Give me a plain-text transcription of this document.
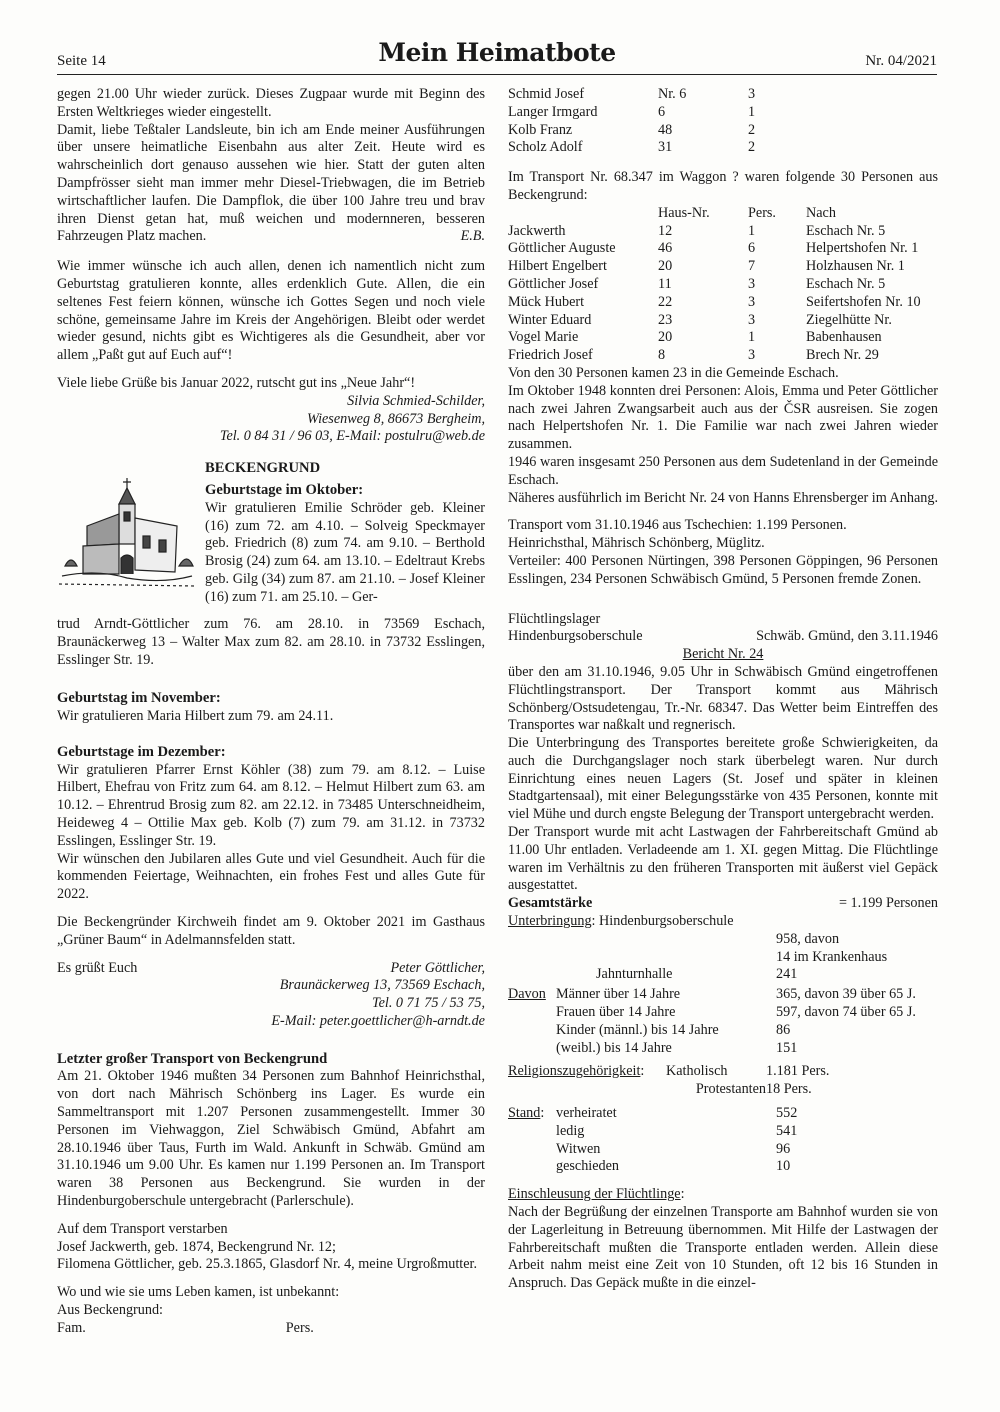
Seite 14	Mein Heimatbote	Nr. 04/2021

gegen 21.00 Uhr wieder zurück. Dieses Zugpaar wurde mit Beginn des Ersten Weltkrieges wieder eingestellt.

Damit, liebe Teßtaler Landsleute, bin ich am Ende meiner Ausführungen über unsere heimatliche Eisenbahn aus alter Zeit. Heute wird es wahrscheinlich dort genauso aussehen wie hier. Statt der guten alten Dampfrösser sieht man immer mehr Diesel-Triebwagen, die im Betrieb wirtschaftlicher laufen. Die Dampflok, die über 100 Jahre treu und brav ihren Dienst getan hat, muß weichen und modernneren, besseren Fahrzeugen Platz machen.	E.B.

Wie immer wünsche ich auch allen, denen ich namentlich nicht zum Geburtstag gratulieren konnte, alles erdenklich Gute. Allen, die ein seltenes Fest feiern können, wünsche ich Gottes Segen und noch viele schöne, gemeinsame Jahre im Kreis der Angehörigen. Bleibt oder werdet wieder gesund, nichts gibt es Wichtigeres als die Gesundheit, aber vor allem „Paßt gut auf Euch auf“!

Viele liebe Grüße bis Januar 2022, rutscht gut ins „Neue Jahr“!

Silvia Schmied-Schilder,

Wiesenweg 8, 86673 Bergheim,

Tel. 0 84 31 / 96 03, E-Mail: postulru@web.de

BECKENGRUND
Geburtstage im Oktober:

Wir gratulieren Emilie Schröder geb. Kleiner (16) zum 72. am 4.10. – Solveig Speckmayer geb. Friedrich (8) zum 74. am 9.10. – Berthold Brosig (24) zum 64. am 13.10. – Edeltraut Krebs geb. Gilg (34) zum 87. am 21.10. – Josef Kleiner (16) zum 71. am 25.10. – Ger-

trud Arndt-Göttlicher zum 76. am 28.10. in 73569 Eschach, Braunäckerweg 13 – Walter Max zum 82. am 28.10. in 73732 Esslingen, Esslinger Str. 19.

Geburtstag im November:

Wir gratulieren Maria Hilbert zum 79. am 24.11.

Geburtstage im Dezember:

Wir gratulieren Pfarrer Ernst Köhler (38) zum 79. am 8.12. – Luise Hilbert, Ehefrau von Fritz zum 64. am 8.12. – Helmut Hilbert zum 63. am 10.12. – Ehrentrud Brosig zum 82. am 22.12. in 73485 Unterschneidheim, Heideweg 4 – Ottilie Max geb. Kolb (7) zum 79. am 31.12. in 73732 Esslingen, Esslinger Str. 19.

Wir wünschen den Jubilaren alles Gute und viel Gesundheit. Auch für die kommenden Feiertage, Weihnachten, ein frohes Fest und alles Gute für 2022.

Die Beckengründer Kirchweih findet am 9. Oktober 2021 im Gasthaus „Grüner Baum“ in Adelmannsfelden statt.

Es grüßt Euch	Peter Göttlicher,
Braunäckerweg 13, 73569 Eschach,
Tel. 0 71 75 / 53 75,
E-Mail: peter.goettlicher@h-arndt.de
Letzter großer Transport von Beckengrund

Am 21. Oktober 1946 mußten 34 Personen zum Bahnhof Heinrichsthal, von dort nach Mährisch Schönberg ins Lager. Es wurde ein Sammeltransport mit 1.207 Personen zusammengestellt. Immer 30 Personen im Viehwaggon, Ziel Schwäbisch Gmünd, Abfahrt am 28.10.1946 über Taus, Furth im Wald. Ankunft in Schwäb. Gmünd am 31.10.1946 um 9.00 Uhr. Es kamen nur 1.199 Personen an. Im Transport waren 38 Personen aus Beckengrund. Sie wurden in der Hindenburgoberschule untergebracht (Parlerschule).

Auf dem Transport verstarben

Josef Jackwerth, geb. 1874, Beckengrund Nr. 12;

Filomena Göttlicher, geb. 25.3.1865, Glasdorf Nr. 4, meine Urgroßmutter.

Wo und wie sie ums Leben kamen, ist unbekannt:

Aus Beckengrund:

Fam.	Pers.

Schmid Josef	Nr. 6	3
Langer Irmgard	6	1
Kolb Franz	48	2
Scholz Adolf	31	2

Im Transport Nr. 68.347 im Waggon ? waren folgende 30 Personen aus Beckengrund:

	Haus-Nr.	Pers.	Nach
Jackwerth	12	1	Eschach Nr. 5
Göttlicher Auguste	46	6	Helpertshofen Nr. 1
Hilbert Engelbert	20	7	Holzhausen Nr. 1
Göttlicher Josef	11	3	Eschach Nr. 5
Mück Hubert	22	3	Seifertshofen Nr. 10
Winter Eduard	23	3	Ziegelhütte Nr.
Vogel Marie	20	1	Babenhausen
Friedrich Josef	8	3	Brech Nr. 29

Von den 30 Personen kamen 23 in die Gemeinde Eschach.

Im Oktober 1948 konnten drei Personen: Alois, Emma und Peter Göttlicher nach zwei Jahren Zwangsarbeit auch aus der ČSR ausreisen. Sie zogen nach Helpertshofen Nr. 1. Die Familie war nach zwei Jahren wieder zusammen.

1946 waren insgesamt 250 Personen aus dem Sudetenland in der Gemeinde Eschach.

Näheres ausführlich im Bericht Nr. 24 von Hanns Ehrensberger im Anhang.

Transport vom 31.10.1946 aus Tschechien: 1.199 Personen.

Heinrichsthal, Mährisch Schönberg, Müglitz.

Verteiler: 400 Personen Nürtingen, 398 Personen Göppingen, 96 Personen Esslingen, 234 Personen Schwäbisch Gmünd, 5 Personen fremde Zonen.

Flüchtlingslager

Hindenburgsoberschule	Schwäb. Gmünd, den 3.11.1946

Bericht Nr. 24

über den am 31.10.1946, 9.05 Uhr in Schwäbisch Gmünd eingetroffenen Flüchtlingstransport. Der Transport kommt aus Mährisch Schönberg/Ostsudetengau, Tr.-Nr. 68347. Das Wetter beim Eintreffen des Transportes war naßkalt und regnerisch.

Die Unterbringung des Transportes bereitete große Schwierigkeiten, da auch die Durchgangslager noch stark überbelegt waren. Nur durch Einrichtung eines neuen Lagers (St. Josef und später in kleinen Stadtgartensaal), mit einer Belegungsstärke von 435 Personen, konnte mit viel Mühe und durch engste Belegung der Transport untergebracht werden.

Der Transport wurde mit acht Lastwagen der Fahrbereitschaft Gmünd ab 11.00 Uhr entladen. Verladeende am 1. XI. gegen Mittag. Die Flüchtlinge waren im Verhältnis zu den früheren Transporten mit äußerst viel Gepäck ausgestattet.

Gesamtstärke	= 1.199 Personen
Unterbringung: Hindenburgsoberschule
958, davon
14 im Krankenhaus
Jahnturnhalle	241
Davon	Männer über 14 Jahre	365, davon 39 über 65 J.
	Frauen über 14 Jahre	597, davon 74 über 65 J.
	Kinder (männl.) bis 14 Jahre	86
	(weibl.) bis 14 Jahre	151
Religionszugehörigkeit:	Katholisch	1.181 Pers.
	Protestanten	18 Pers.
Stand:	verheiratet	552
	ledig	541
	Witwen	96
	geschieden	10

Einschleusung der Flüchtlinge:

Nach der Begrüßung der einzelnen Transporte am Bahnhof wurden sie von der Lagerleitung in Betreuung übernommen. Mit Hilfe der Lastwagen der Fahrbereitschaft mußten die Transporte entladen werden. Allein diese Arbeit nahm meist eine Zeit von 10 Stunden, oft 12 bis 16 Stunden in Anspruch. Das Gepäck mußte in die einzel-
